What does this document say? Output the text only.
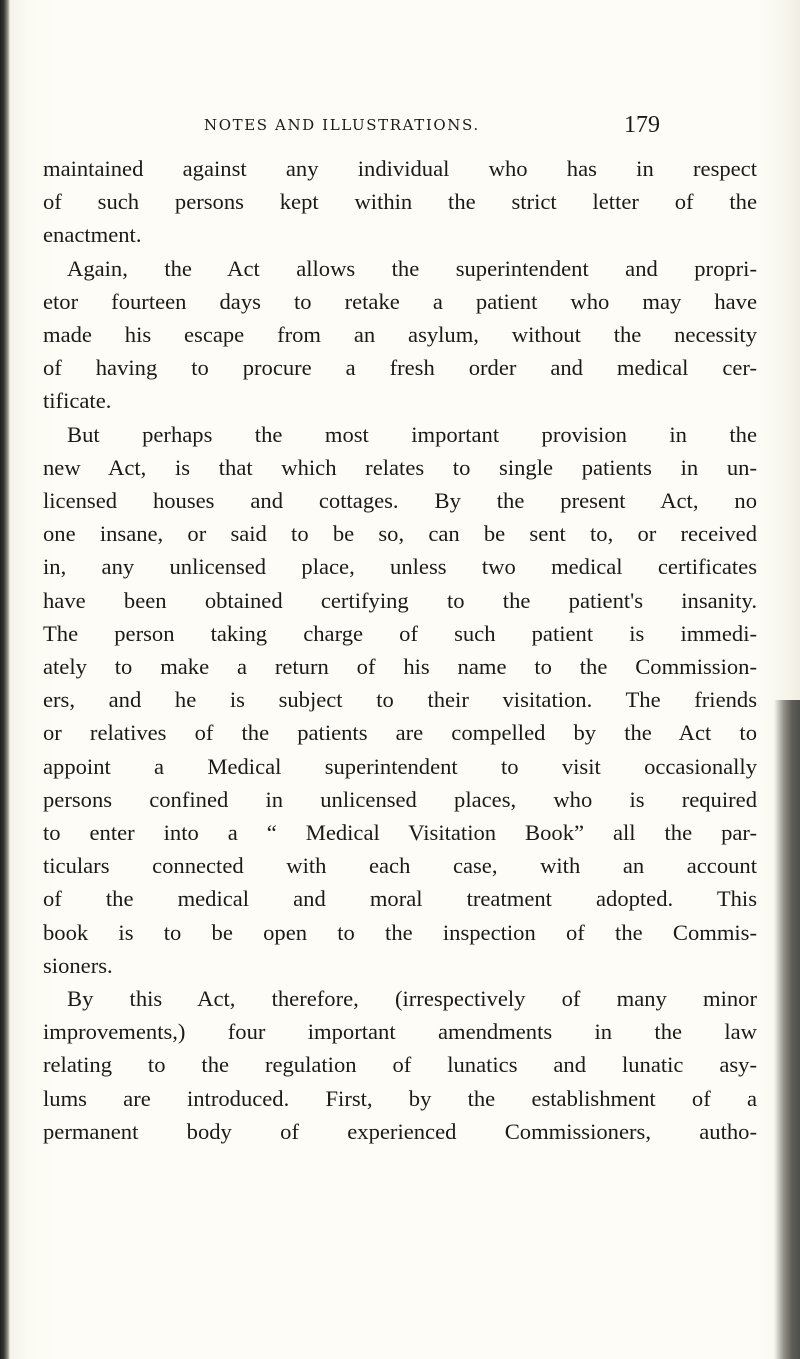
NOTES AND ILLUSTRATIONS.	179
maintained against any individual who has in respect
of such persons kept within the strict letter of the
enactment.
Again, the Act allows the superintendent and propri-
etor fourteen days to retake a patient who may have
made his escape from an asylum, without the necessity
of having to procure a fresh order and medical cer-
tificate.
But perhaps the most important provision in the
new Act, is that which relates to single patients in un-
licensed houses and cottages. By the present Act, no
one insane, or said to be so, can be sent to, or received
in, any unlicensed place, unless two medical certificates
have been obtained certifying to the patient's insanity.
The person taking charge of such patient is immedi-
ately to make a return of his name to the Commission-
ers, and he is subject to their visitation. The friends
or relatives of the patients are compelled by the Act to
appoint a Medical superintendent to visit occasionally
persons confined in unlicensed places, who is required
to enter into a “ Medical Visitation Book” all the par-
ticulars connected with each case, with an account
of the medical and moral treatment adopted. This
book is to be open to the inspection of the Commis-
sioners.
By this Act, therefore, (irrespectively of many minor
improvements,) four important amendments in the law
relating to the regulation of lunatics and lunatic asy-
lums are introduced. First, by the establishment of a
permanent body of experienced Commissioners, autho-
